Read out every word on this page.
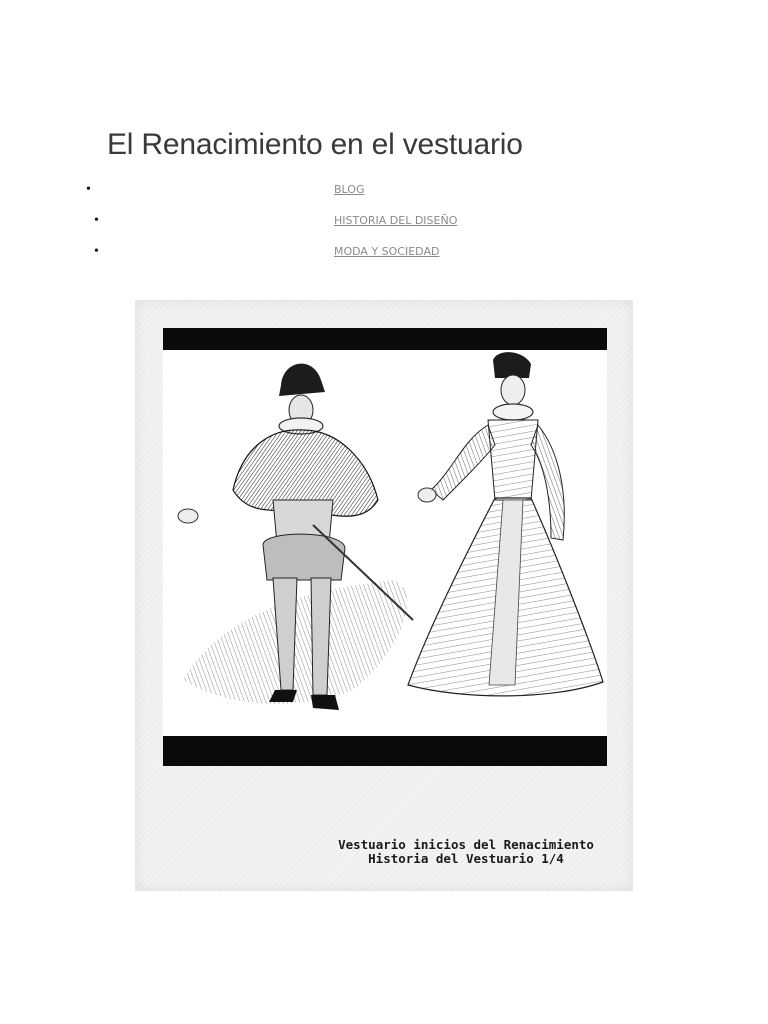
El Renacimiento en el vestuario
•	BLOG
•	HISTORIA DEL DISEÑO
•	MODA Y SOCIEDAD
Vestuario inicios del Renacimiento
Historia del Vestuario 1/4
